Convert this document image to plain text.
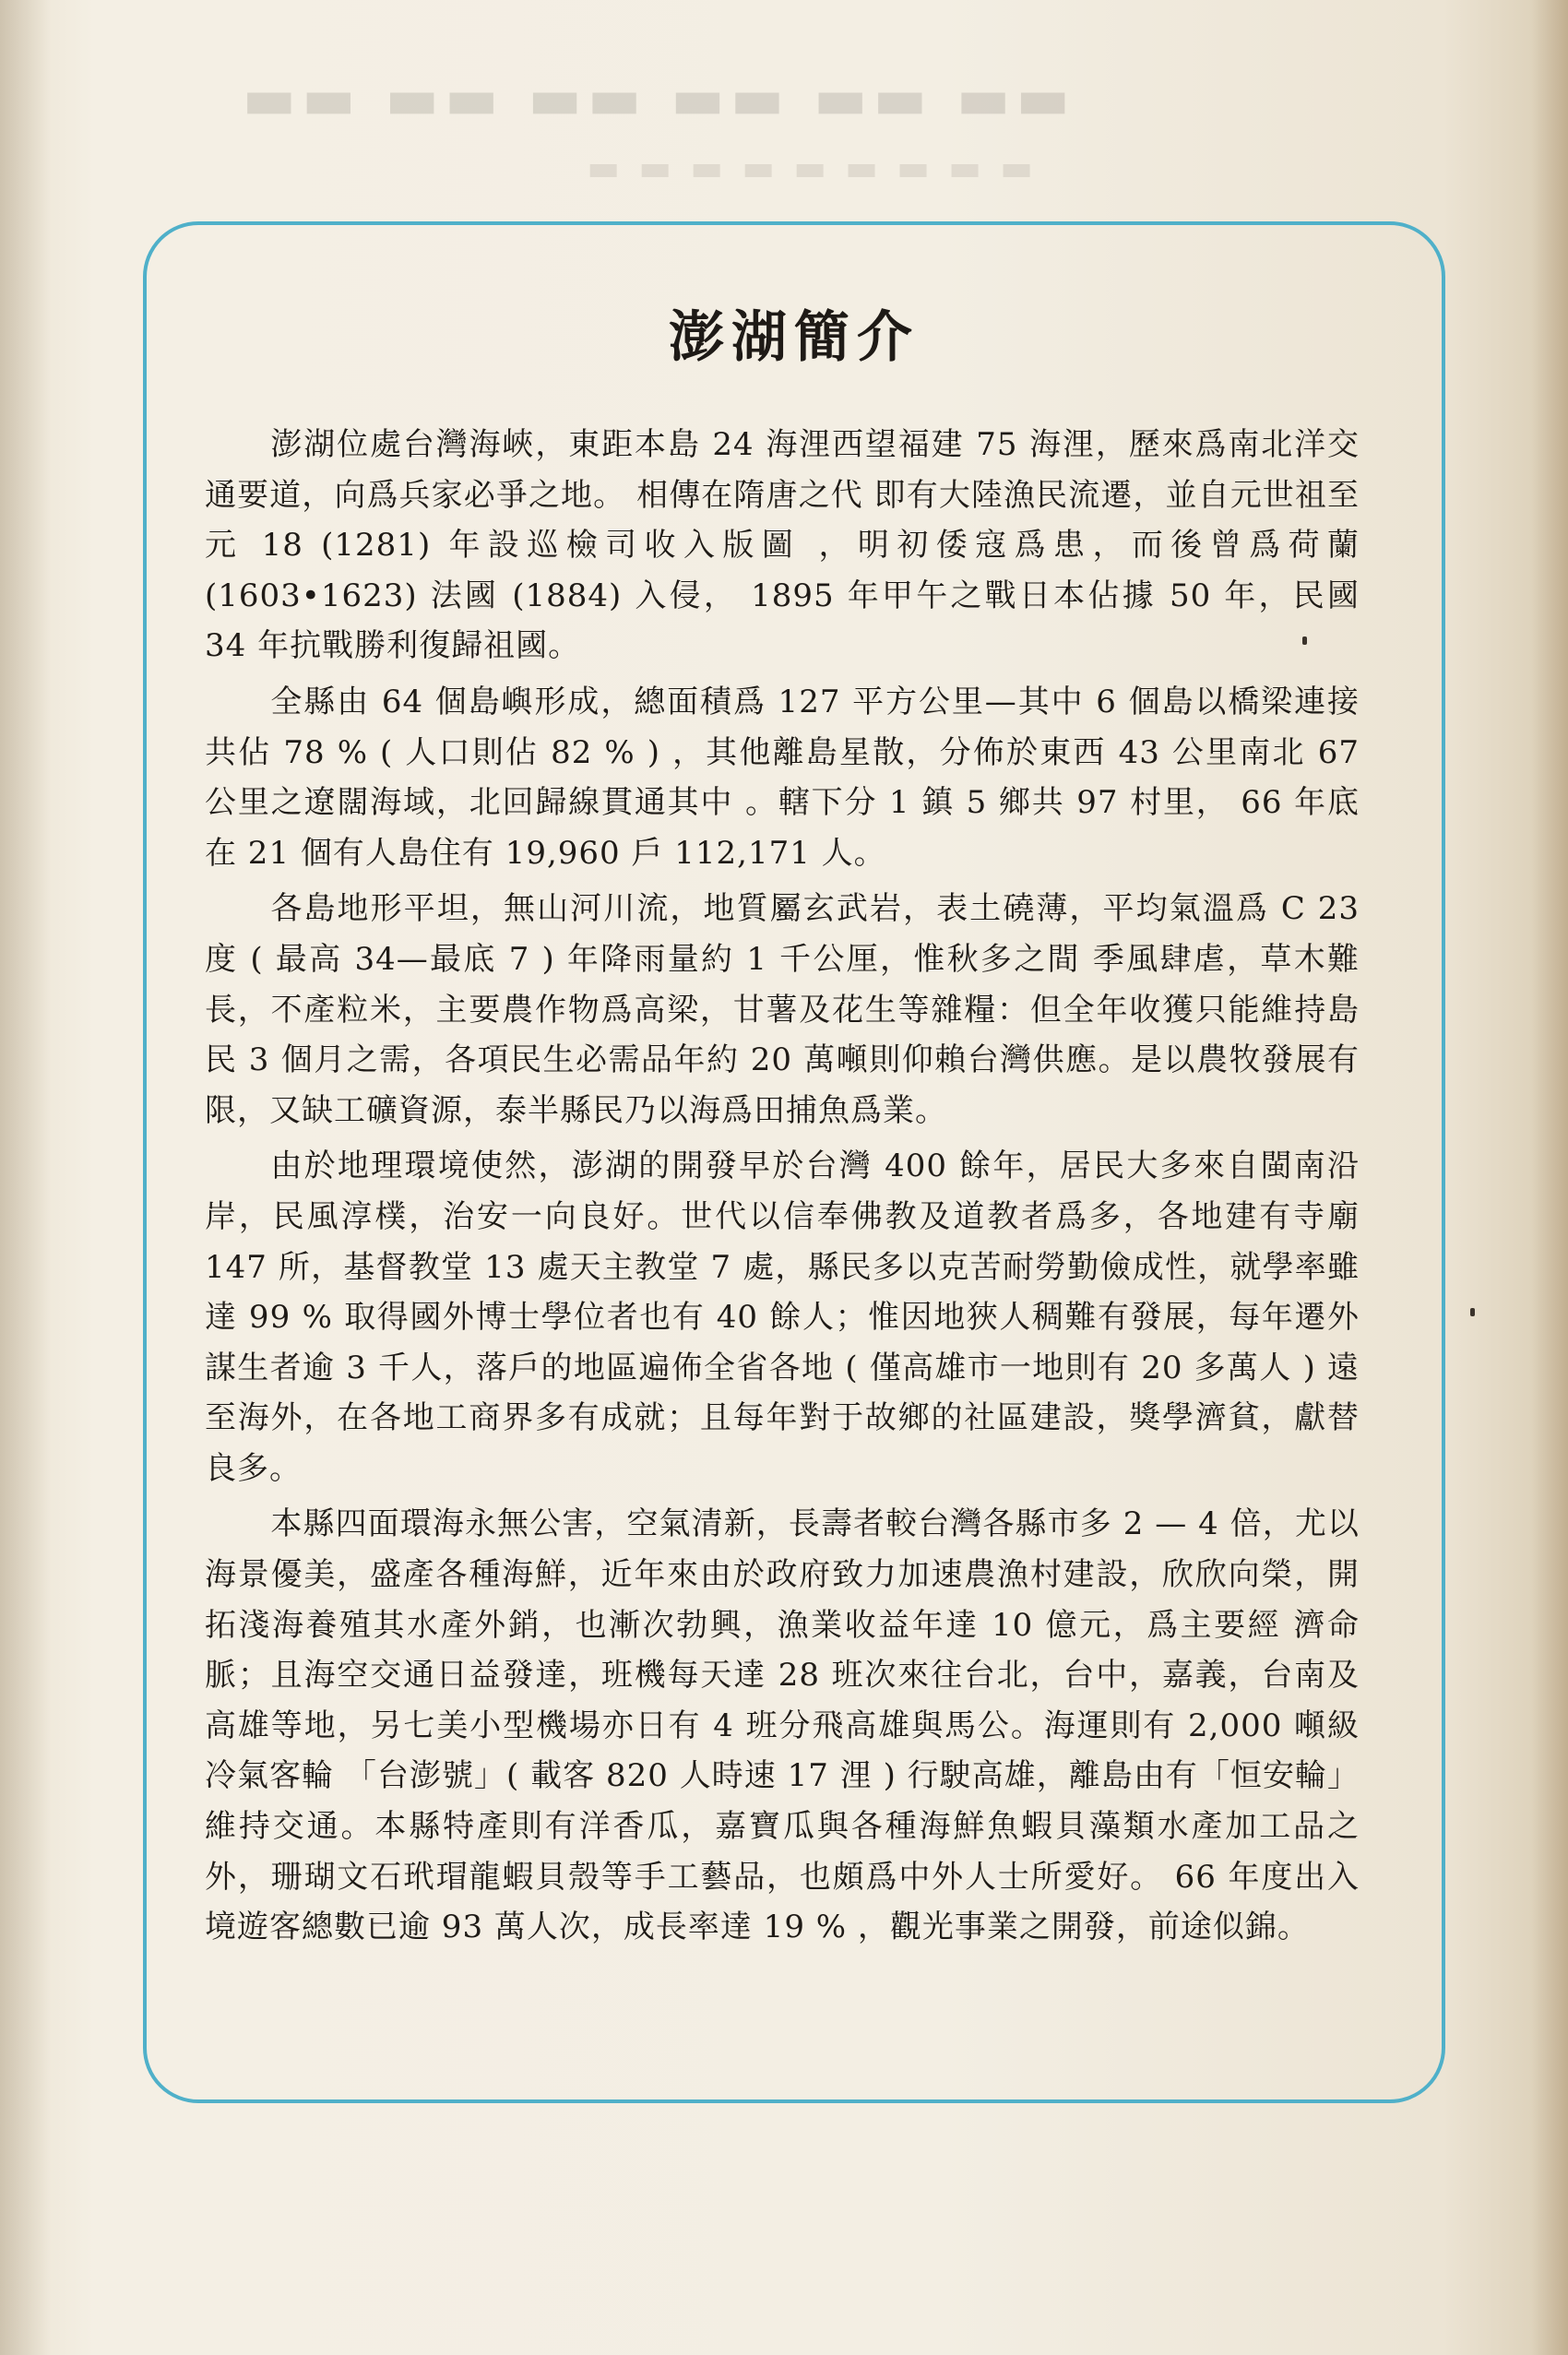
▬▬ ▬▬ ▬▬ ▬▬ ▬▬ ▬▬
▬ ▬ ▬ ▬ ▬ ▬ ▬ ▬ ▬
澎湖簡介

澎湖位處台灣海峽，東距本島 24 海浬西望福建 75 海浬，歷來爲南北洋交通要道，向爲兵家必爭之地。 相傳在隋唐之代 即有大陸漁民流遷，並自元世祖至元 18 (1281) 年設巡檢司收入版圖 ，明初倭寇爲患，而後曾爲荷蘭 (1603•1623) 法國 (1884) 入侵， 1895 年甲午之戰日本佔據 50 年，民國 34 年抗戰勝利復歸祖國。

全縣由 64 個島嶼形成，總面積爲 127 平方公里—其中 6 個島以橋梁連接共佔 78 % ( 人口則佔 82 % ) ，其他離島星散，分佈於東西 43 公里南北 67 公里之遼闊海域，北回歸線貫通其中 。轄下分 1 鎮 5 鄉共 97 村里， 66 年底在 21 個有人島住有 19,960 戶 112,171 人。

各島地形平坦，無山河川流，地質屬玄武岩，表土磽薄，平均氣溫爲 C 23 度 ( 最高 34—最底 7 ) 年降雨量約 1 千公厘，惟秋多之間 季風肆虐，草木難長，不產粒米，主要農作物爲高梁，甘薯及花生等雜糧：但全年收獲只能維持島民 3 個月之需，各項民生必需品年約 20 萬噸則仰賴台灣供應。是以農牧發展有限，又缺工礦資源，泰半縣民乃以海爲田捕魚爲業。

由於地理環境使然，澎湖的開發早於台灣 400 餘年，居民大多來自閩南沿岸，民風淳樸，治安一向良好。世代以信奉佛教及道教者爲多，各地建有寺廟 147 所，基督教堂 13 處天主教堂 7 處，縣民多以克苦耐勞勤儉成性，就學率雖達 99 % 取得國外博士學位者也有 40 餘人；惟因地狹人稠難有發展，每年遷外謀生者逾 3 千人，落戶的地區遍佈全省各地 ( 僅高雄市一地則有 20 多萬人 ) 遠至海外，在各地工商界多有成就；且每年對于故鄉的社區建設，獎學濟貧，獻替良多。

本縣四面環海永無公害，空氣清新，長壽者較台灣各縣市多 2 — 4 倍，尤以海景優美，盛產各種海鮮，近年來由於政府致力加速農漁村建設，欣欣向榮，開拓淺海養殖其水產外銷，也漸次勃興，漁業收益年達 10 億元，爲主要經 濟命脈；且海空交通日益發達，班機每天達 28 班次來往台北，台中，嘉義，台南及高雄等地，另七美小型機場亦日有 4 班分飛高雄與馬公。海運則有 2,000 噸級冷氣客輪 「台澎號」( 載客 820 人時速 17 浬 ) 行駛高雄，離島由有「恒安輪」維持交通。本縣特產則有洋香瓜，嘉寶瓜與各種海鮮魚蝦貝藻類水產加工品之外，珊瑚文石玳瑁龍蝦貝殼等手工藝品，也頗爲中外人士所愛好。 66 年度出入境遊客總數已逾 93 萬人次，成長率達 19 % ，觀光事業之開發，前途似錦。
